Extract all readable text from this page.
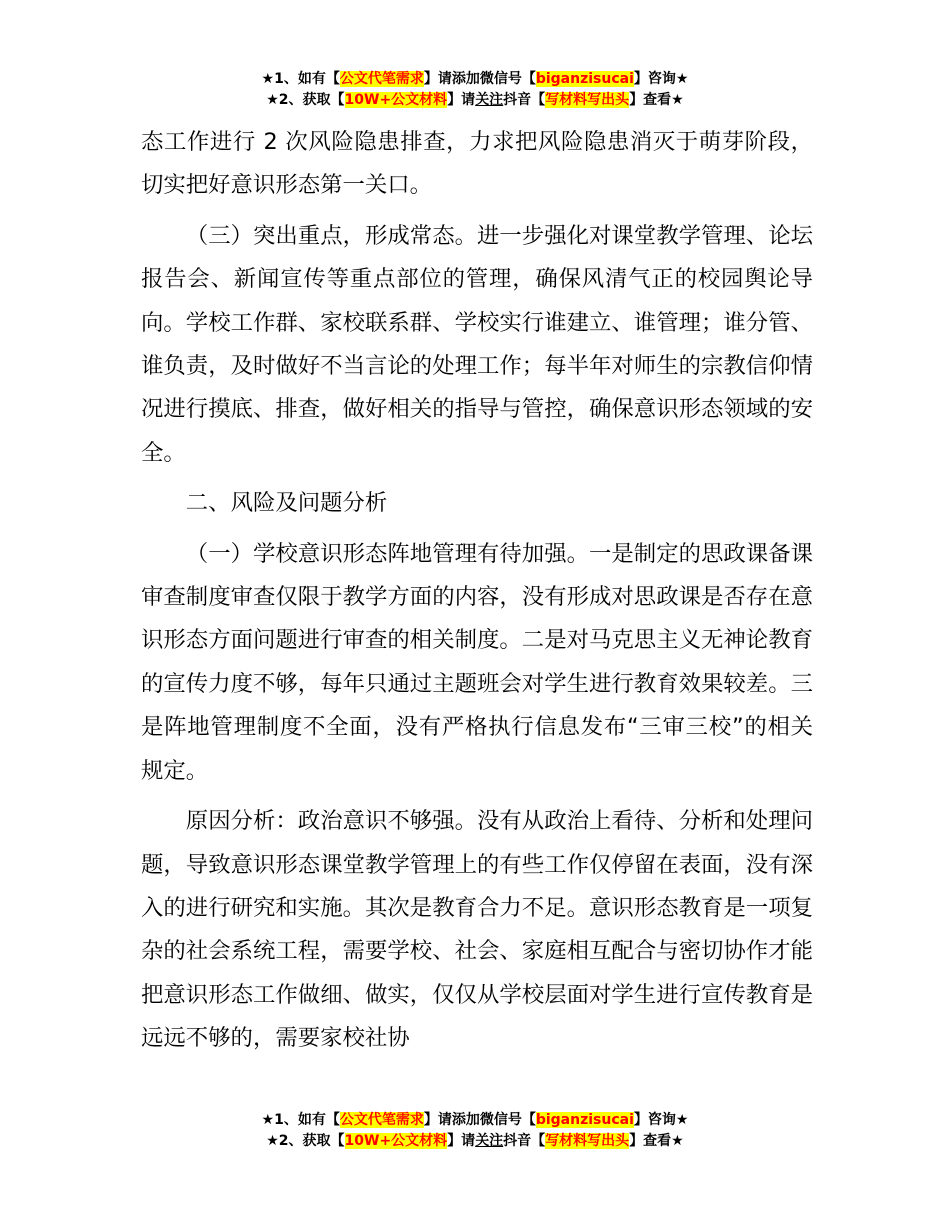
★1、如有【公文代笔需求】请添加微信号【biganzisucai】咨询★
★2、获取【10W+公文材料】请关注抖音【写材料写出头】查看★

态工作进行 2 次风险隐患排查，力求把风险隐患消灭于萌芽阶段，切实把好意识形态第一关口。

（三）突出重点，形成常态。进一步强化对课堂教学管理、论坛报告会、新闻宣传等重点部位的管理，确保风清气正的校园舆论导向。学校工作群、家校联系群、学校实行谁建立、谁管理；谁分管、谁负责，及时做好不当言论的处理工作；每半年对师生的宗教信仰情况进行摸底、排查，做好相关的指导与管控，确保意识形态领域的安全。

二、风险及问题分析

（一）学校意识形态阵地管理有待加强。一是制定的思政课备课审查制度审查仅限于教学方面的内容，没有形成对思政课是否存在意识形态方面问题进行审查的相关制度。二是对马克思主义无神论教育的宣传力度不够，每年只通过主题班会对学生进行教育效果较差。三是阵地管理制度不全面，没有严格执行信息发布“三审三校”的相关规定。

原因分析：政治意识不够强。没有从政治上看待、分析和处理问题，导致意识形态课堂教学管理上的有些工作仅停留在表面，没有深入的进行研究和实施。其次是教育合力不足。意识形态教育是一项复杂的社会系统工程，需要学校、社会、家庭相互配合与密切协作才能把意识形态工作做细、做实，仅仅从学校层面对学生进行宣传教育是远远不够的，需要家校社协

★1、如有【公文代笔需求】请添加微信号【biganzisucai】咨询★
★2、获取【10W+公文材料】请关注抖音【写材料写出头】查看★
